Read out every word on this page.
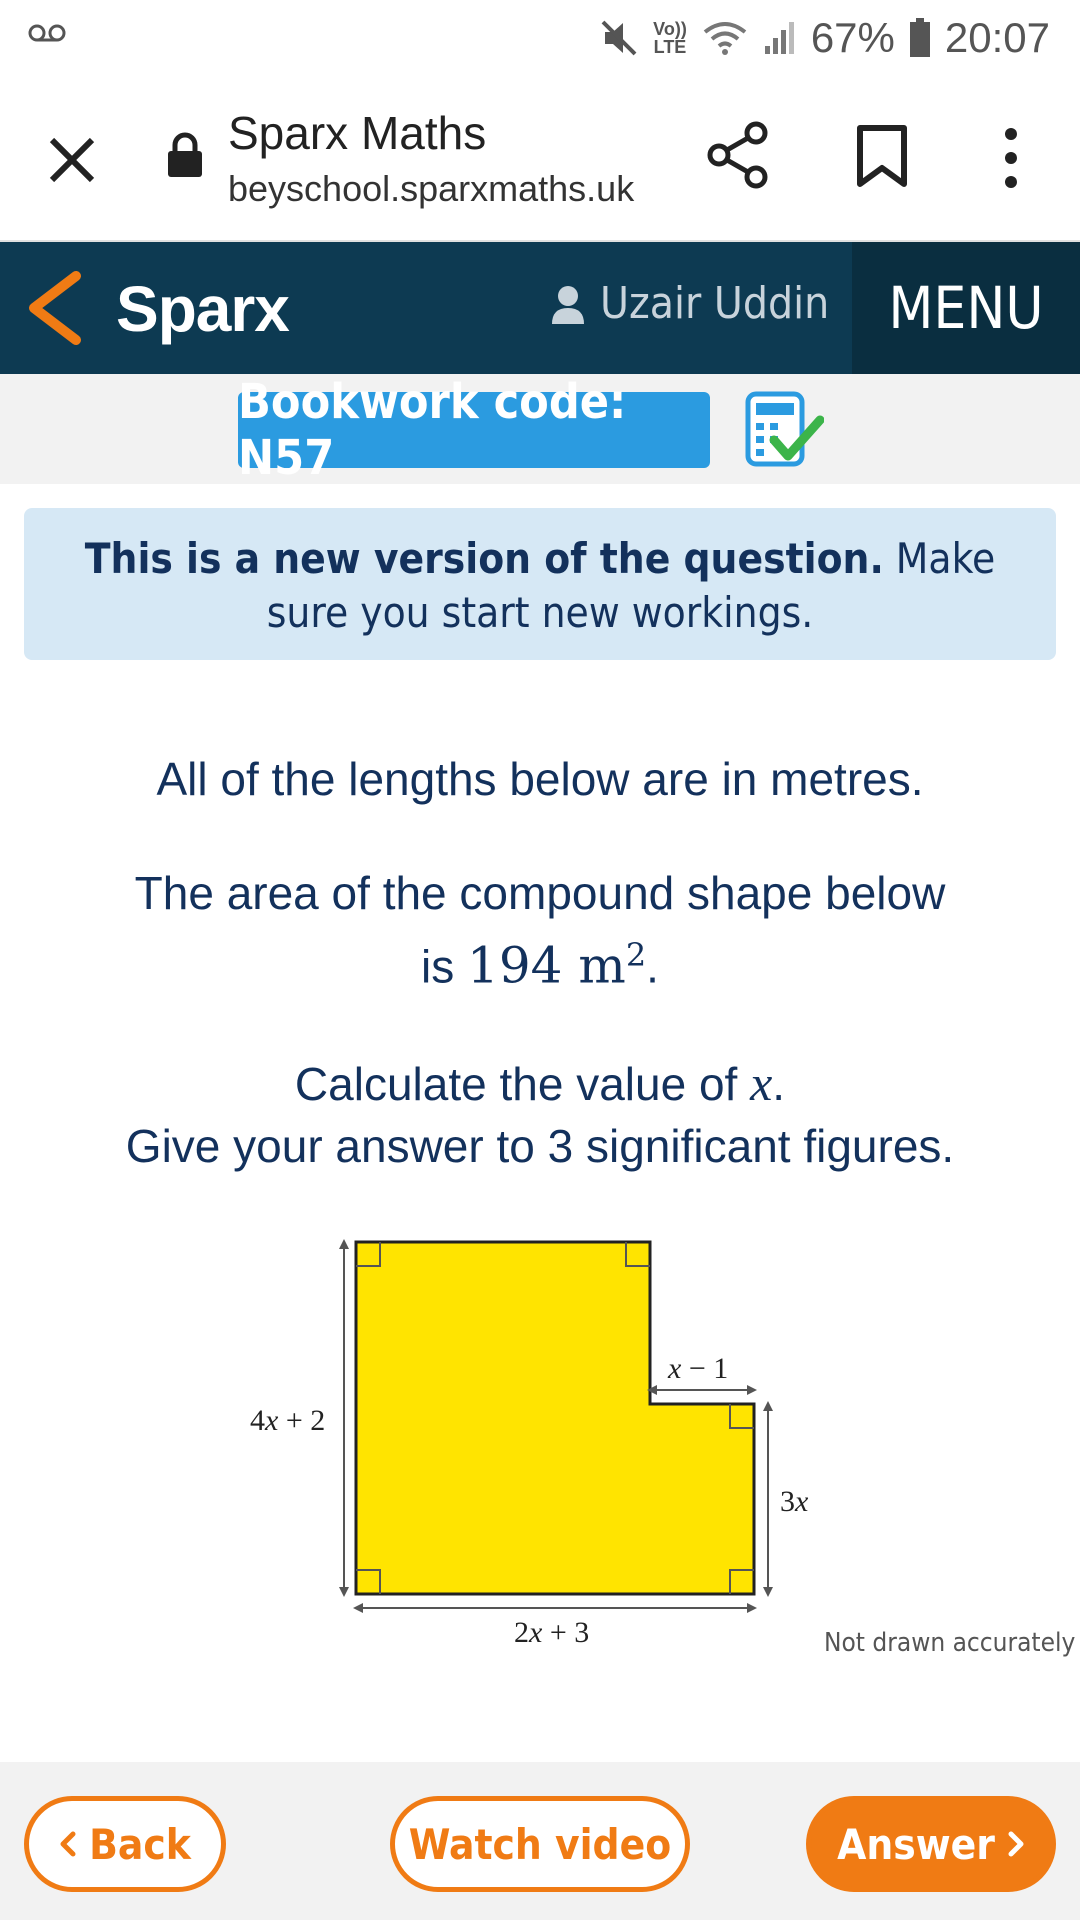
Vo))
LTE	67% 20:07
Sparx Maths
beyschool.sparxmaths.uk
Sparx	Uzair Uddin	MENU
Bookwork code: N57
This is a new version of the question. Make sure you start new workings.
All of the lengths below are in metres.
The area of the compound shape below
is 194 $m^2$.
Calculate the value of x.
Give your answer to 3 significant figures.
4x + 2
x − 1
3x
2x + 3	Not drawn accurately
Back	Watch video	Answer
